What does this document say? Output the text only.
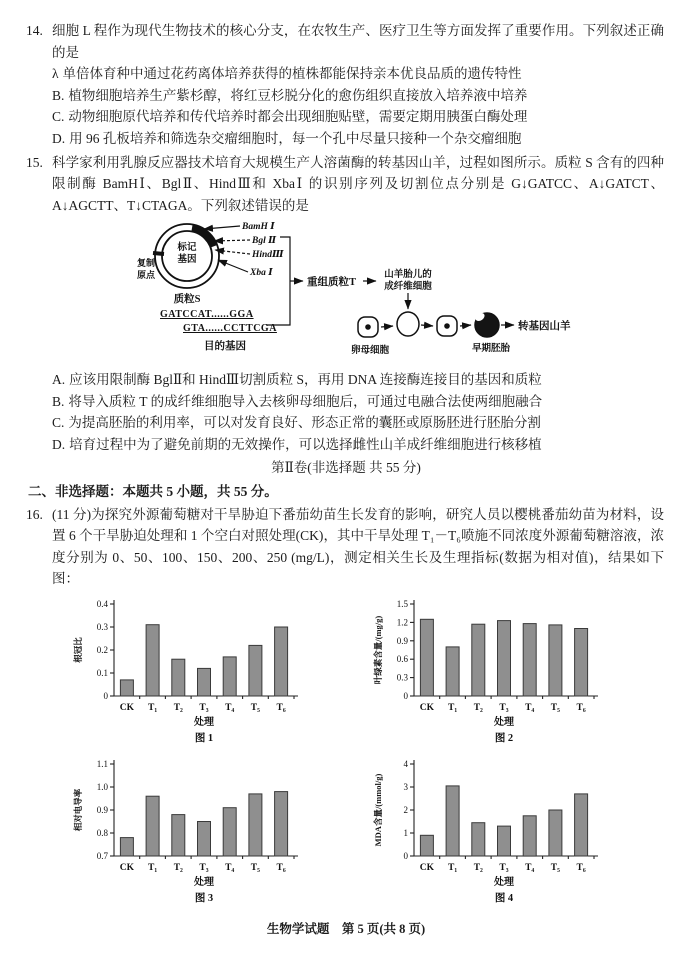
14. 细胞 L 程作为现代生物技术的核心分支，在农牧生产、医疗卫生等方面发挥了重要作用。下列叙述正确的是
λ 单倍体育种中通过花药离体培养获得的植株都能保持亲本优良品质的遗传特性
B. 植物细胞培养生产紫杉醇，将红豆杉脱分化的愈伤组织直接放入培养液中培养
C. 动物细胞原代培养和传代培养时都会出现细胞贴壁，需要定期用胰蛋白酶处理
D. 用 96 孔板培养和筛选杂交瘤细胞时，每一个孔中尽量只接种一个杂交瘤细胞
15. 科学家利用乳腺反应器技术培育大规模生产人溶菌酶的转基因山羊，过程如图所示。质粒 S 含有的四种限制酶 BamHⅠ、BglⅡ、HindⅢ和 XbaⅠ 的识别序列及切割位点分别是 G↓GATCC、A↓GATCT、A↓AGCTT、T↓CTAGA。下列叙述错误的是
标记
基因
复制
原点
质粒S
BamH Ⅰ
Bgl Ⅱ
HindⅢ
Xba Ⅰ
GATCCAT......GGA
GTA......CCTTCGA
目的基因
重组质粒T
山羊胎儿的
成纤维细胞
转基因山羊
卵母细胞	早期胚胎
A. 应该用限制酶 BglⅡ和 HindⅢ切割质粒 S，再用 DNA 连接酶连接目的基因和质粒
B. 将导入质粒 T 的成纤维细胞导入去核卵母细胞后，可通过电融合法使两细胞融合
C. 为提高胚胎的利用率，可以对发育良好、形态正常的囊胚或原肠胚进行胚胎分割
D. 培育过程中为了避免前期的无效操作，可以选择雌性山羊成纤维细胞进行核移植
第Ⅱ卷(非选择题 共 55 分)
二、非选择题：本题共 5 小题，共 55 分。
16. (11 分)为探究外源葡萄糖对干旱胁迫下番茄幼苗生长发育的影响，研究人员以樱桃番茄幼苗为材料，设置 6 个干旱胁迫处理和 1 个空白对照处理(CK)，其中干旱处理 T₁－T₆喷施不同浓度外源葡萄糖溶液，浓度分别为 0、50、100、150、200、250 (mg/L)，测定相关生长及生理指标(数据为相对值)，结果如下图：
0
0.1
0.2
0.3
0.4
CK T₁ T₂ T₃ T₄ T₅ T₆
处理
图 1
根冠比
0
0.3
0.6
0.9
1.2
1.5
CK T₁ T₂ T₃ T₄ T₅ T₆
处理
图 2
叶绿素含量/(mg/g)
0.7
0.8
0.9
1.0
1.1
CK T₁ T₂ T₃ T₄ T₅ T₆
处理
图 3
相对电导率
0
1
2
3
4
CK T₁ T₂ T₃ T₄ T₅ T₆
处理
图 4
MDA含量/(mmol/g)
生物学试题　第 5 页(共 8 页)
